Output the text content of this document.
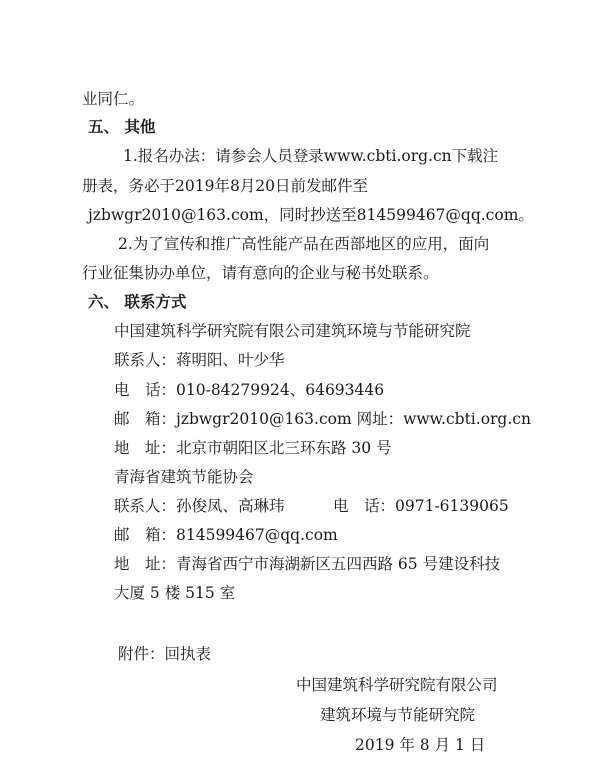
业同仁。
五、 其他
1.报名办法：请参会人员登录www.cbti.org.cn下载注
册表，务必于2019年8月20日前发邮件至
jzbwgr2010@163.com，同时抄送至814599467@qq.com。
2.为了宣传和推广高性能产品在西部地区的应用，面向
行业征集协办单位，请有意向的企业与秘书处联系。
六、 联系方式
中国建筑科学研究院有限公司建筑环境与节能研究院
联系人：蒋明阳、叶少华
电　话：010-84279924、64693446
邮　箱：jzbwgr2010@163.com 网址：www.cbti.org.cn
地　址：北京市朝阳区北三环东路 30 号
青海省建筑节能协会
联系人：孙俊凤、高琳玮	电　话：0971-6139065
邮　箱：814599467@qq.com
地　址：青海省西宁市海湖新区五四西路 65 号建设科技
大厦 5 楼 515 室
附件：回执表
中国建筑科学研究院有限公司
建筑环境与节能研究院
2019 年 8 月 1 日
